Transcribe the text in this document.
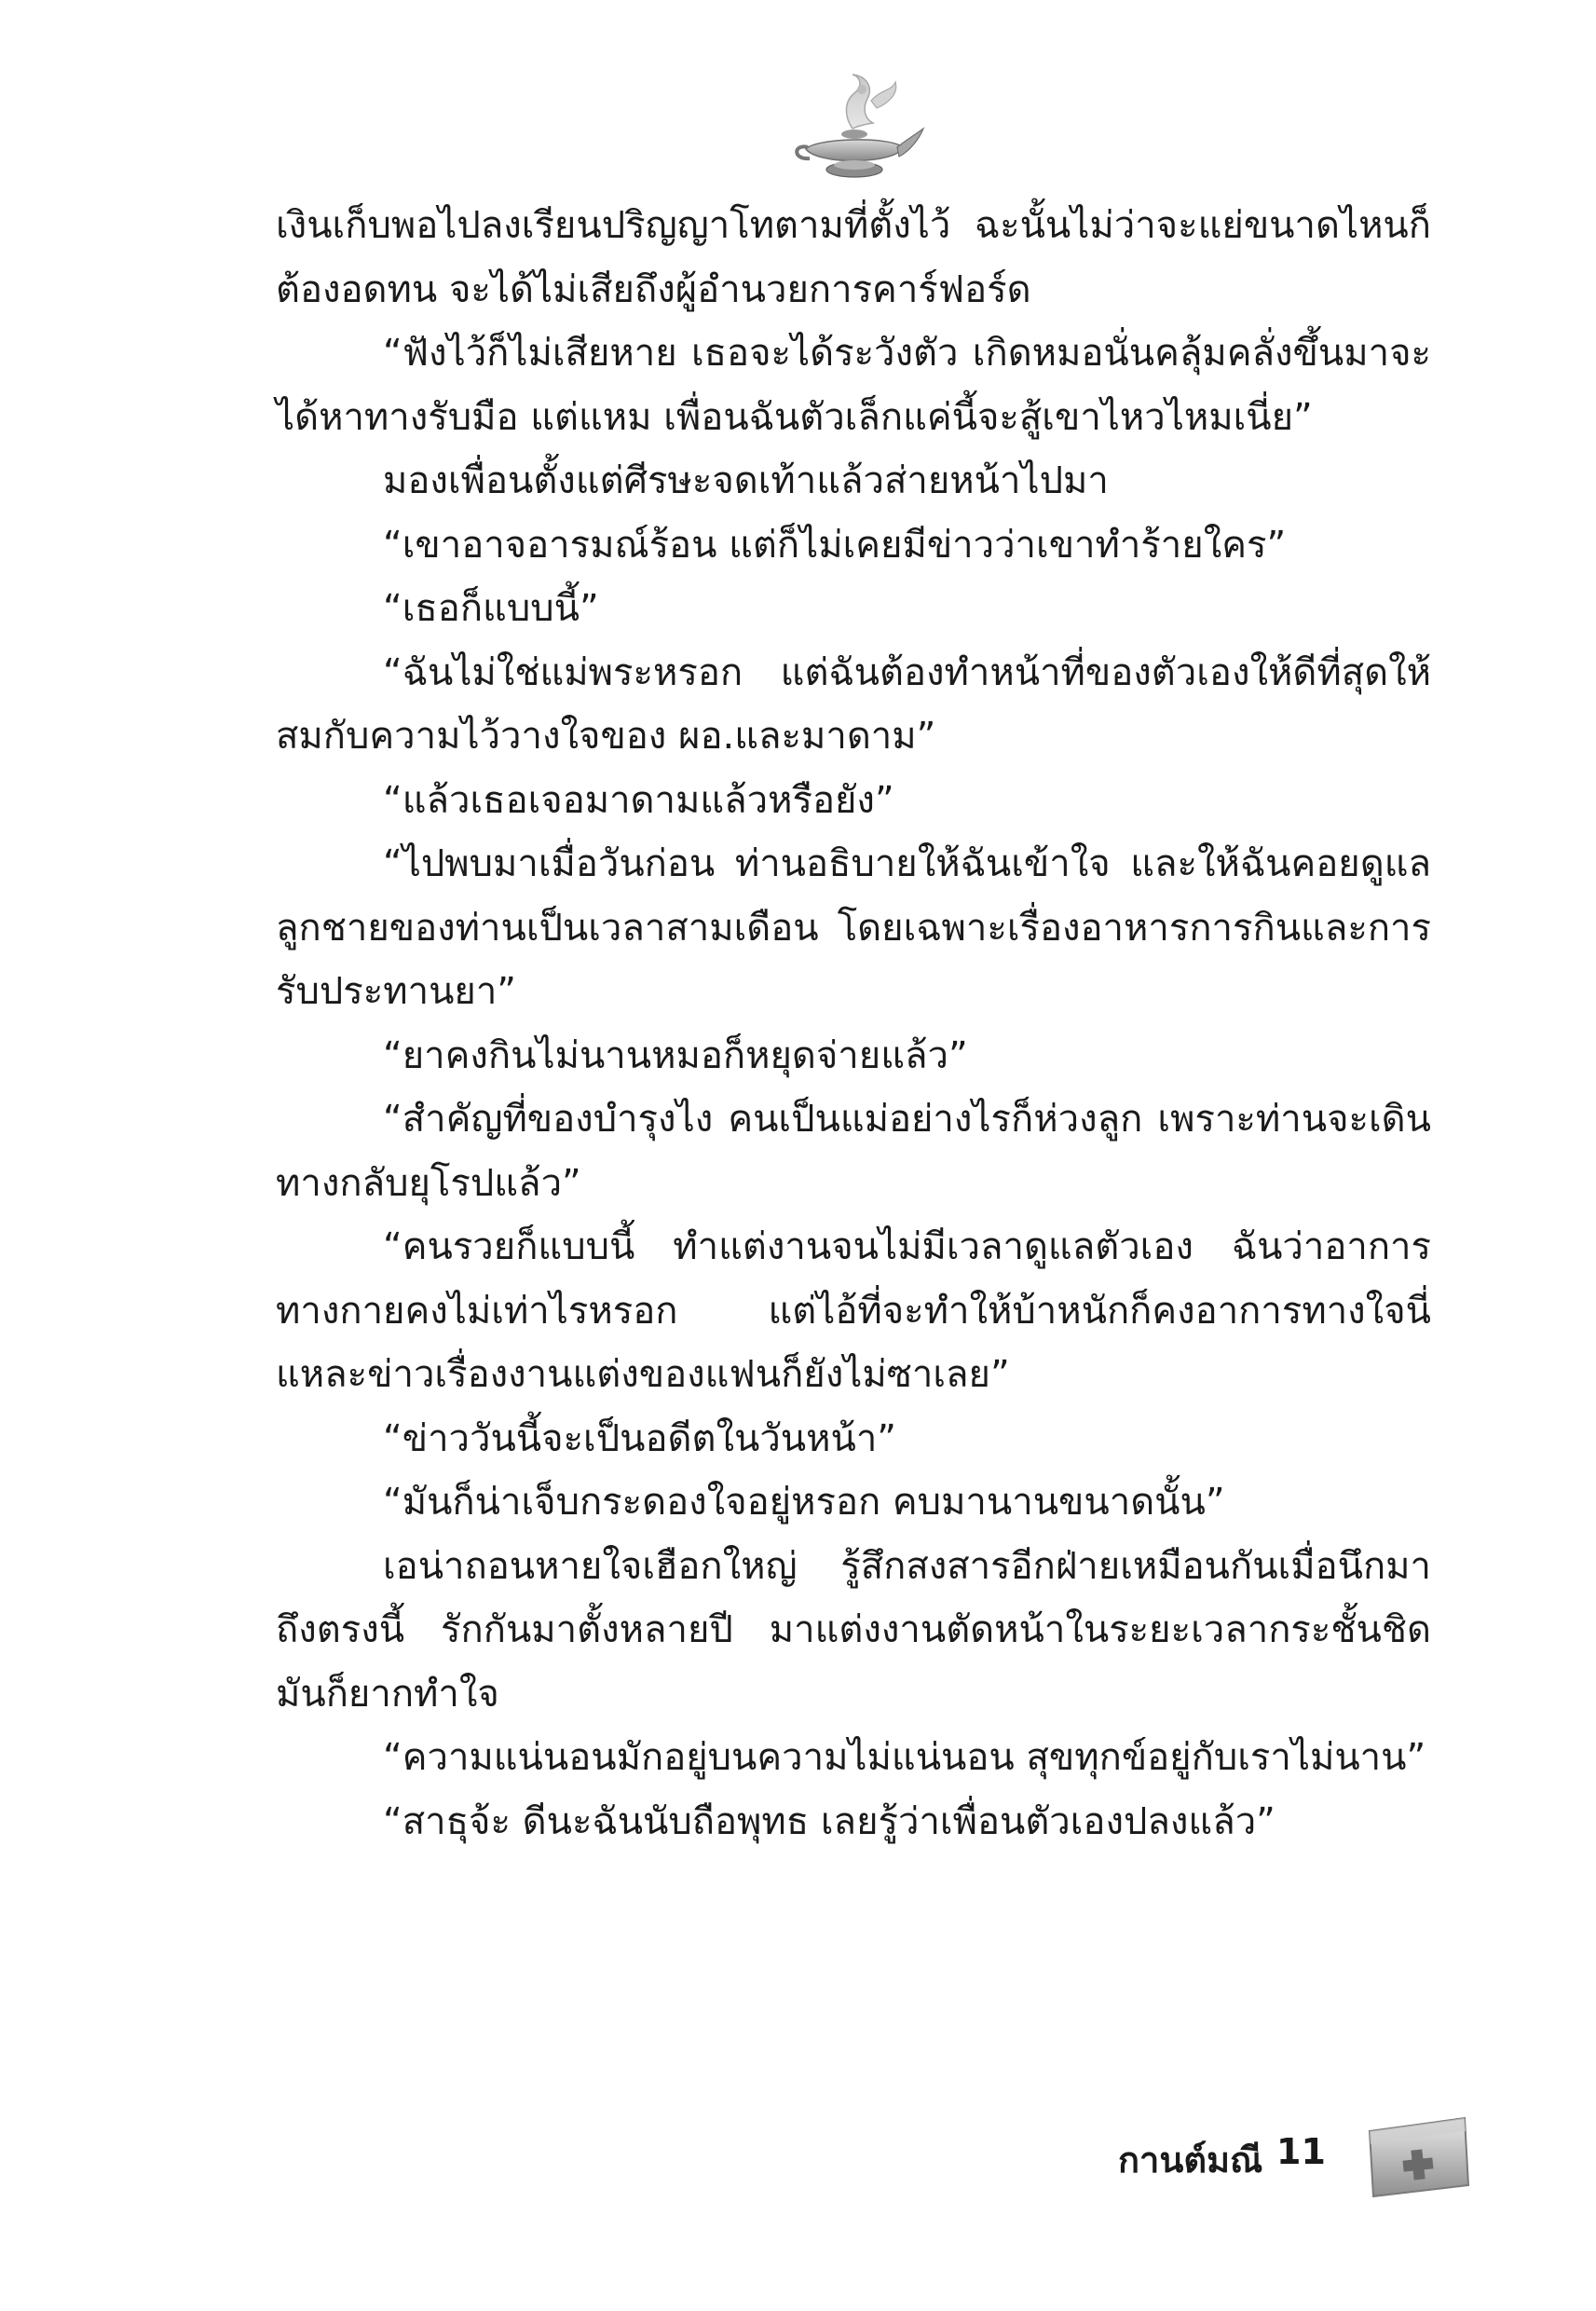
เงินเก็บพอไปลงเรียนปริญญาโทตามที่ตั้งไว้ ฉะนั้นไม่ว่าจะแย่ขนาดไหนก็ต้องอดทน จะได้ไม่เสียถึงผู้อำนวยการคาร์ฟอร์ด

“ฟังไว้ก็ไม่เสียหาย เธอจะได้ระวังตัว เกิดหมอนั่นคลุ้มคลั่งขึ้นมาจะได้หาทางรับมือ แต่แหม เพื่อนฉันตัวเล็กแค่นี้จะสู้เขาไหวไหมเนี่ย”

มองเพื่อนตั้งแต่ศีรษะจดเท้าแล้วส่ายหน้าไปมา

“เขาอาจอารมณ์ร้อน แต่ก็ไม่เคยมีข่าวว่าเขาทำร้ายใคร”

“เธอก็แบบนี้”

“ฉันไม่ใช่แม่พระหรอก แต่ฉันต้องทำหน้าที่ของตัวเองให้ดีที่สุดให้สมกับความไว้วางใจของ ผอ.และมาดาม”

“แล้วเธอเจอมาดามแล้วหรือยัง”

“ไปพบมาเมื่อวันก่อน ท่านอธิบายให้ฉันเข้าใจ และให้ฉันคอยดูแลลูกชายของท่านเป็นเวลาสามเดือน โดยเฉพาะเรื่องอาหารการกินและการรับประทานยา”

“ยาคงกินไม่นานหมอก็หยุดจ่ายแล้ว”

“สำคัญที่ของบำรุงไง คนเป็นแม่อย่างไรก็ห่วงลูก เพราะท่านจะเดินทางกลับยุโรปแล้ว”

“คนรวยก็แบบนี้ ทำแต่งานจนไม่มีเวลาดูแลตัวเอง ฉันว่าอาการทางกายคงไม่เท่าไรหรอก แต่ไอ้ที่จะทำให้บ้าหนักก็คงอาการทางใจนี่แหละข่าวเรื่องงานแต่งของแฟนก็ยังไม่ซาเลย”

“ข่าววันนี้จะเป็นอดีตในวันหน้า”

“มันก็น่าเจ็บกระดองใจอยู่หรอก คบมานานขนาดนั้น”

เอน่าถอนหายใจเฮือกใหญ่ รู้สึกสงสารอีกฝ่ายเหมือนกันเมื่อนึกมาถึงตรงนี้ รักกันมาตั้งหลายปี มาแต่งงานตัดหน้าในระยะเวลากระชั้นชิด มันก็ยากทำใจ

“ความแน่นอนมักอยู่บนความไม่แน่นอน สุขทุกข์อยู่กับเราไม่นาน”

“สาธุจ้ะ ดีนะฉันนับถือพุทธ เลยรู้ว่าเพื่อนตัวเองปลงแล้ว”

กานต์มณี 11
